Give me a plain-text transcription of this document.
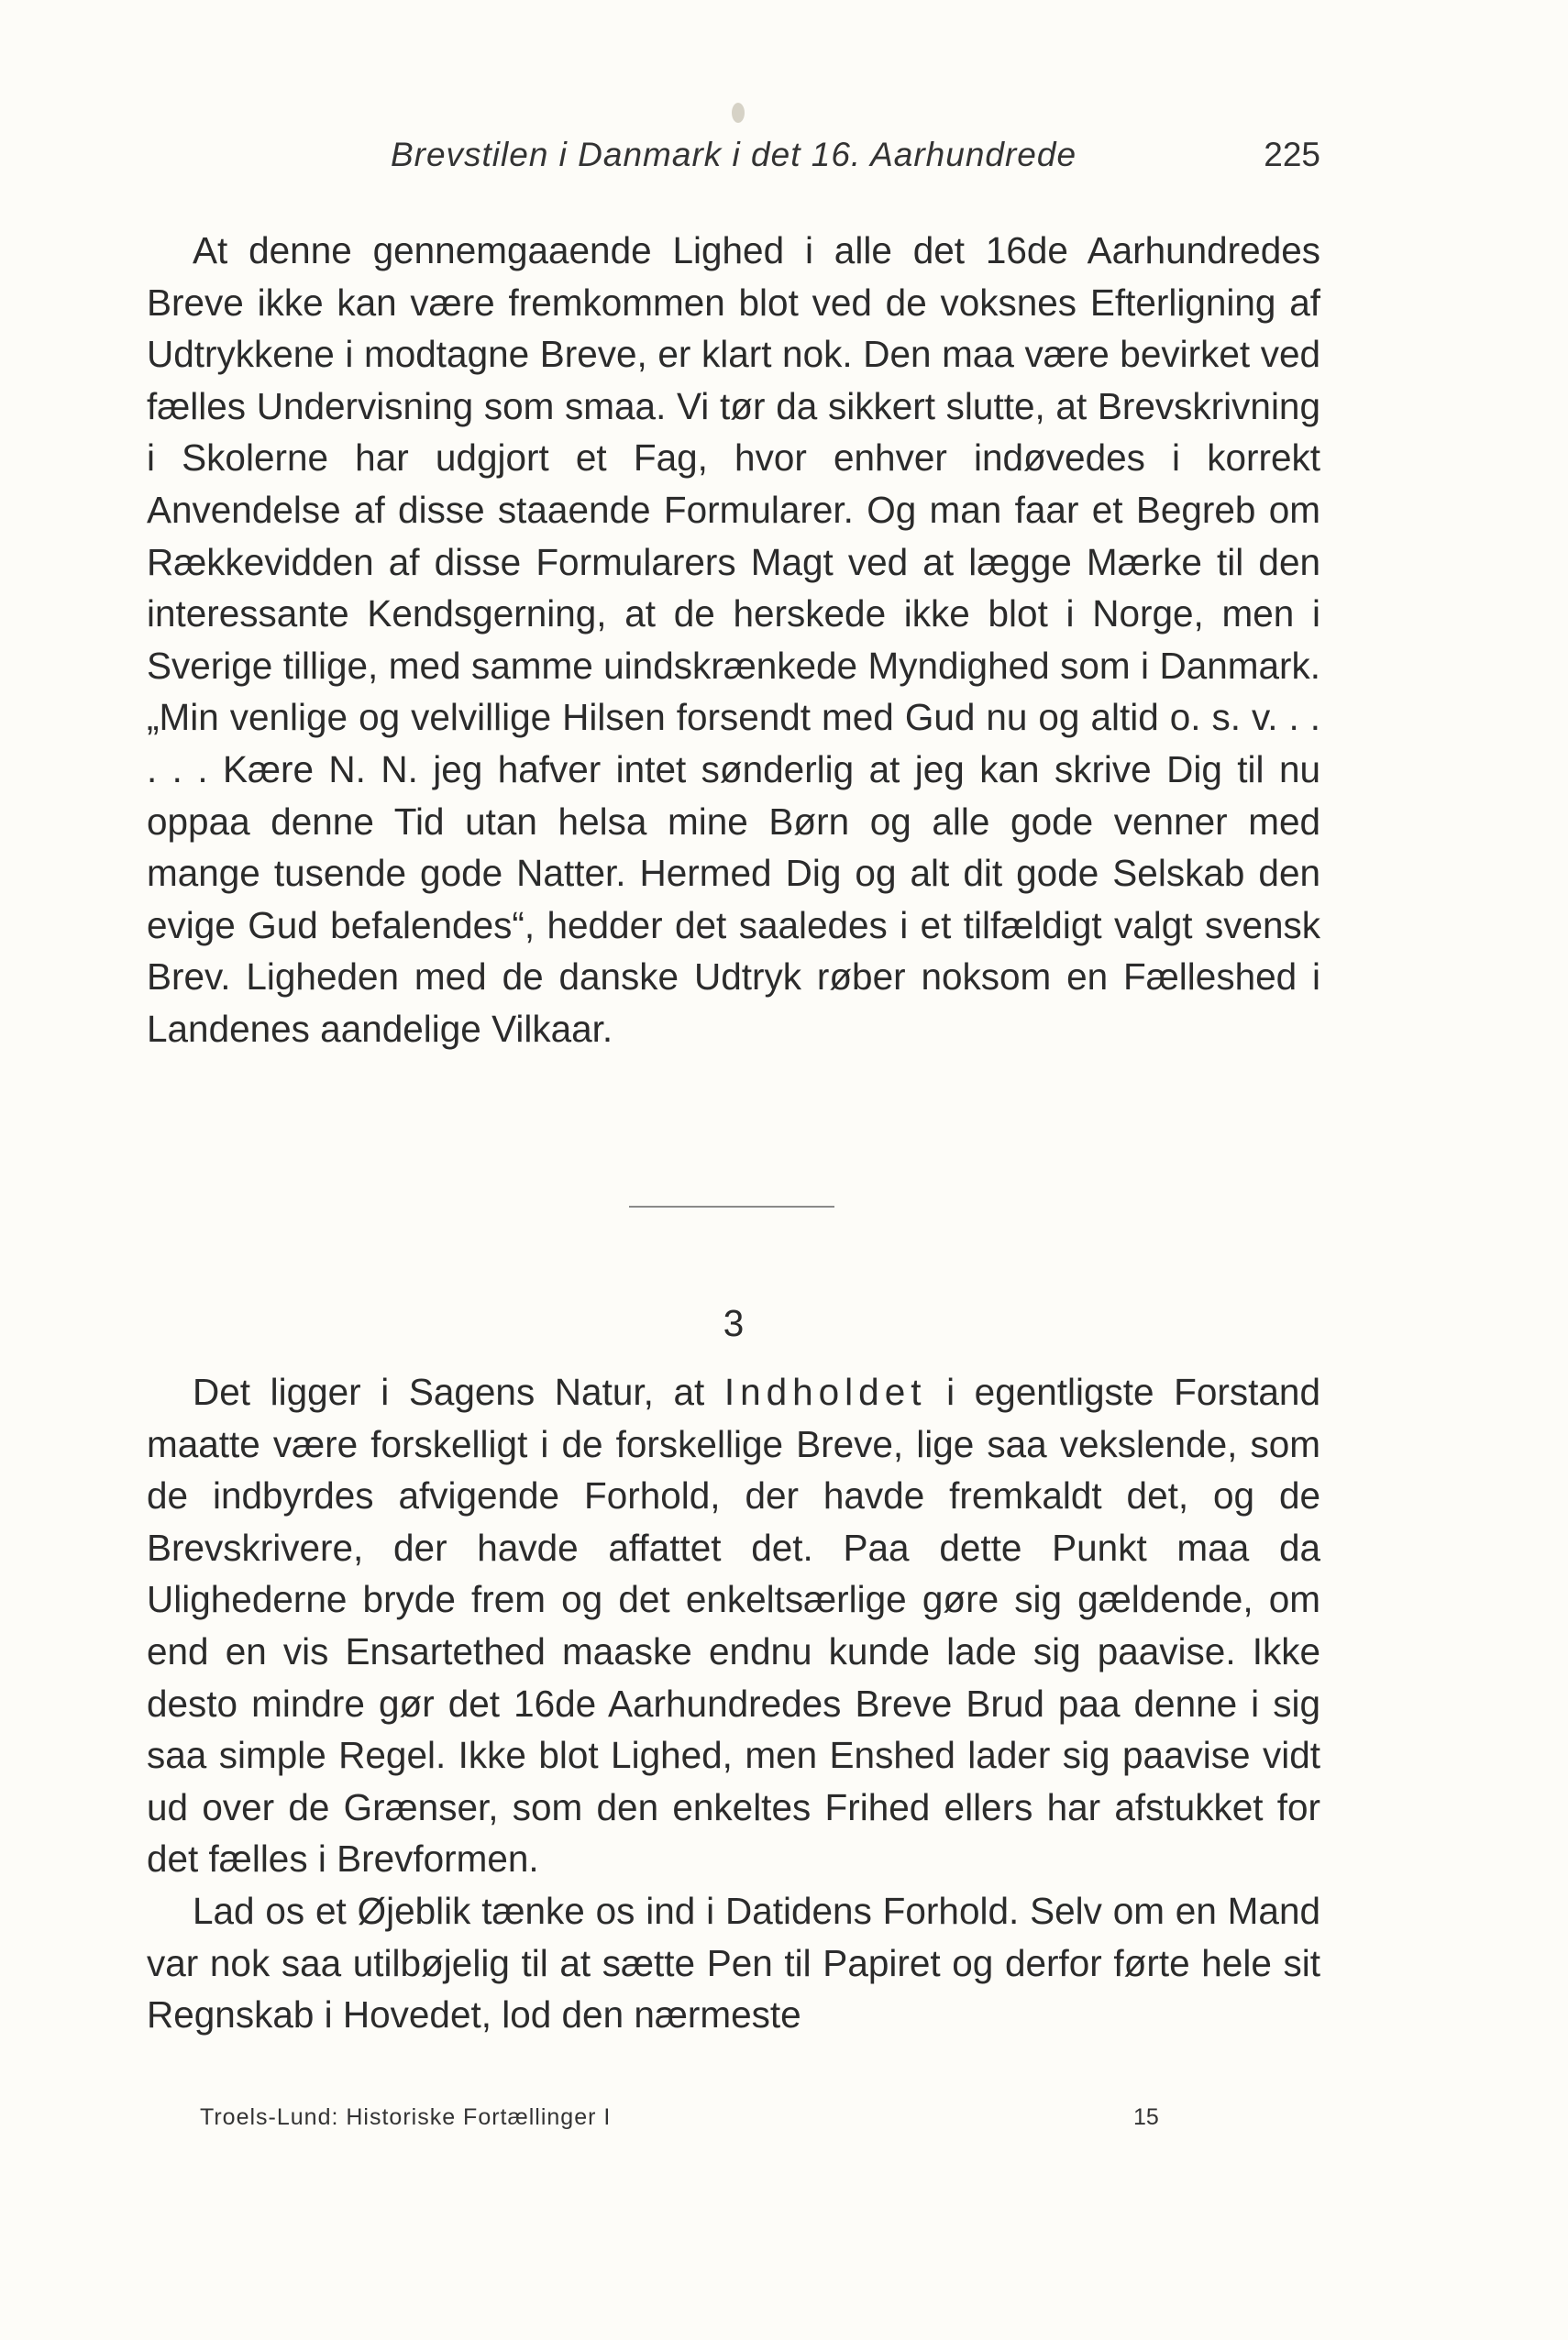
Brevstilen i Danmark i det 16. Aarhundrede	225

At denne gennemgaaende Lighed i alle det 16de Aarhundredes Breve ikke kan være fremkommen blot ved de voksnes Efterligning af Udtrykkene i modtagne Breve, er klart nok. Den maa være bevirket ved fælles Undervisning som smaa. Vi tør da sikkert slutte, at Brevskrivning i Skolerne har udgjort et Fag, hvor enhver indøvedes i korrekt Anvendelse af disse staaende Formularer. Og man faar et Begreb om Rækkevidden af disse Formularers Magt ved at lægge Mærke til den interessante Kendsgerning, at de herskede ikke blot i Norge, men i Sverige tillige, med samme uindskrænkede Myndighed som i Danmark. „Min venlige og velvillige Hilsen forsendt med Gud nu og altid o. s. v. . . . . . Kære N. N. jeg hafver intet sønderlig at jeg kan skrive Dig til nu oppaa denne Tid utan helsa mine Børn og alle gode venner med mange tusende gode Natter. Hermed Dig og alt dit gode Selskab den evige Gud befalendes“, hedder det saaledes i et tilfældigt valgt svensk Brev. Ligheden med de danske Udtryk røber noksom en Fælleshed i Landenes aandelige Vilkaar.

3

Det ligger i Sagens Natur, at Indholdet i egentligste Forstand maatte være forskelligt i de forskellige Breve, lige saa vekslende, som de indbyrdes afvigende Forhold, der havde fremkaldt det, og de Brevskrivere, der havde affattet det. Paa dette Punkt maa da Ulighederne bryde frem og det enkeltsærlige gøre sig gældende, om end en vis Ensartethed maaske endnu kunde lade sig paavise. Ikke desto mindre gør det 16de Aarhundredes Breve Brud paa denne i sig saa simple Regel. Ikke blot Lighed, men Enshed lader sig paavise vidt ud over de Grænser, som den enkeltes Frihed ellers har afstukket for det fælles i Brevformen.

Lad os et Øjeblik tænke os ind i Datidens Forhold. Selv om en Mand var nok saa utilbøjelig til at sætte Pen til Papiret og derfor førte hele sit Regnskab i Hovedet, lod den nærmeste

Troels-Lund: Historiske Fortællinger I	15
